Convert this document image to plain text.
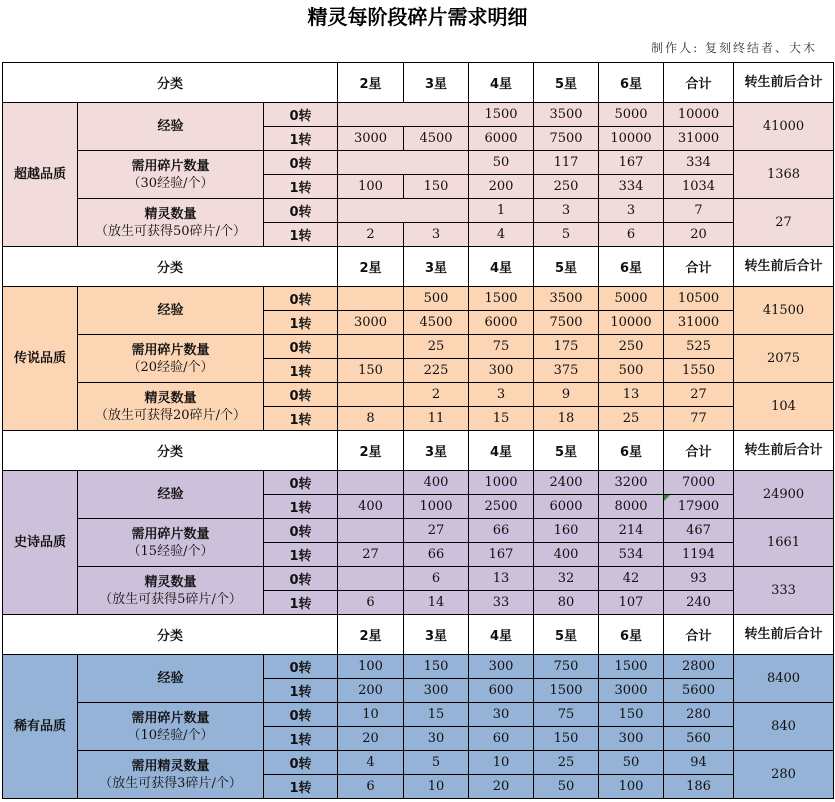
精灵每阶段碎片需求明细
制作人: 复刻终结者、大木
分类			2星	3星	4星	5星	6星	合计	转生前后合计
超越品质	经验	0转			1500	3500	5000	10000	41000
		1转	3000	4500	6000	7500	10000	31000	

	需用碎片数量
（30经验/个）	0转			50	117	167	334	1368
		1转	100	150	200	250	334	1034	

	精灵数量
（放生可获得50碎片/个）	0转			1	3	3	7	27
		1转	2	3	4	5	6	20	
分类			2星	3星	4星	5星	6星	合计	转生前后合计
传说品质	经验	0转		500	1500	3500	5000	10500	41500
		1转	3000	4500	6000	7500	10000	31000	

	需用碎片数量
（20经验/个）	0转		25	75	175	250	525	2075
		1转	150	225	300	375	500	1550	

	精灵数量
（放生可获得20碎片/个）	0转		2	3	9	13	27	104
		1转	8	11	15	18	25	77	
分类			2星	3星	4星	5星	6星	合计	转生前后合计
史诗品质	经验	0转		400	1000	2400	3200	7000	24900
		1转	400	1000	2500	6000	8000	17900	

	需用碎片数量
（15经验/个）	0转		27	66	160	214	467	1661
		1转	27	66	167	400	534	1194	

	精灵数量
（放生可获得5碎片/个）	0转		6	13	32	42	93	333
		1转	6	14	33	80	107	240	
分类			2星	3星	4星	5星	6星	合计	转生前后合计
稀有品质	经验	0转	100	150	300	750	1500	2800	8400
		1转	200	300	600	1500	3000	5600	

	需用碎片数量
（10经验/个）	0转	10	15	30	75	150	280	840
		1转	20	30	60	150	300	560	

	需用精灵数量
（放生可获得3碎片/个）	0转	4	5	10	25	50	94	280
		1转	6	10	20	50	100	186	
